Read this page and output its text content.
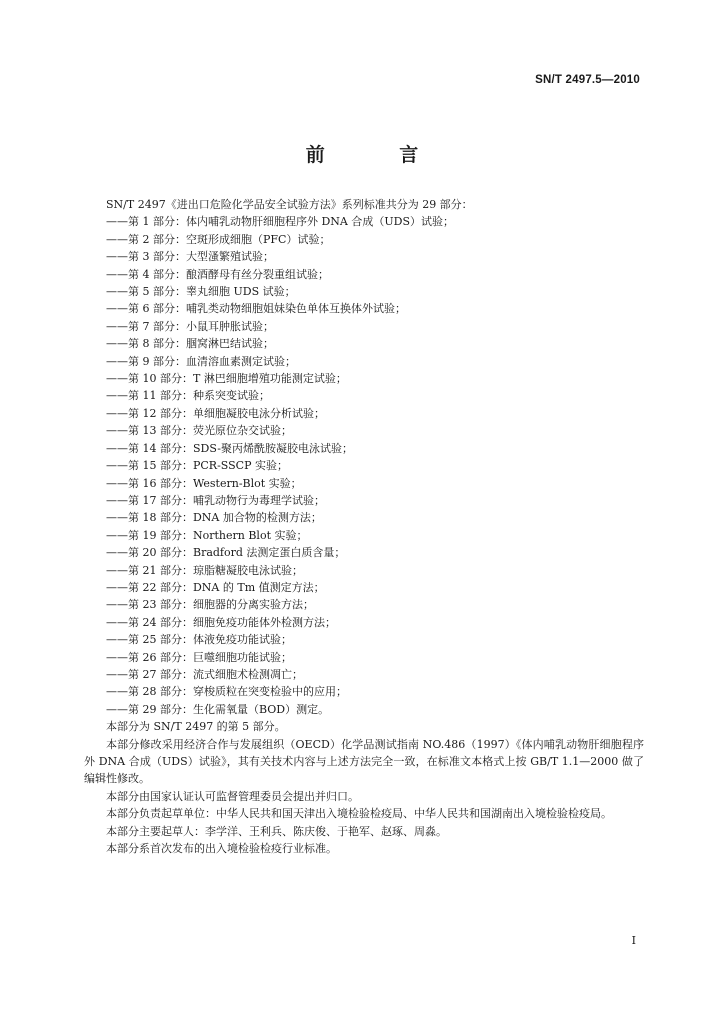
SN/T 2497.5—2010
前 言

SN/T 2497《进出口危险化学品安全试验方法》系列标准共分为 29 部分：

——第 1 部分：体内哺乳动物肝细胞程序外 DNA 合成（UDS）试验；
——第 2 部分：空斑形成细胞（PFC）试验；
——第 3 部分：大型溞繁殖试验；
——第 4 部分：酿酒酵母有丝分裂重组试验；
——第 5 部分：睾丸细胞 UDS 试验；
——第 6 部分：哺乳类动物细胞姐妹染色单体互换体外试验；
——第 7 部分：小鼠耳肿胀试验；
——第 8 部分：腘窝淋巴结试验；
——第 9 部分：血清溶血素测定试验；
——第 10 部分：T 淋巴细胞增殖功能测定试验；
——第 11 部分：种系突变试验；
——第 12 部分：单细胞凝胶电泳分析试验；
——第 13 部分：荧光原位杂交试验；
——第 14 部分：SDS-聚丙烯酰胺凝胶电泳试验；
——第 15 部分：PCR-SSCP 实验；
——第 16 部分：Western-Blot 实验；
——第 17 部分：哺乳动物行为毒理学试验；
——第 18 部分：DNA 加合物的检测方法；
——第 19 部分：Northern Blot 实验；
——第 20 部分：Bradford 法测定蛋白质含量；
——第 21 部分：琼脂糖凝胶电泳试验；
——第 22 部分：DNA 的 Tm 值测定方法；
——第 23 部分：细胞器的分离实验方法；
——第 24 部分：细胞免疫功能体外检测方法；
——第 25 部分：体液免疫功能试验；
——第 26 部分：巨噬细胞功能试验；
——第 27 部分：流式细胞术检测凋亡；
——第 28 部分：穿梭质粒在突变检验中的应用；
——第 29 部分：生化需氧量（BOD）测定。

本部分为 SN/T 2497 的第 5 部分。

本部分修改采用经济合作与发展组织（OECD）化学品测试指南 NO.486（1997）《体内哺乳动物肝细胞程序外 DNA 合成（UDS）试验》，其有关技术内容与上述方法完全一致，在标准文本格式上按 GB/T 1.1—2000 做了编辑性修改。

本部分由国家认证认可监督管理委员会提出并归口。

本部分负责起草单位：中华人民共和国天津出入境检验检疫局、中华人民共和国湖南出入境检验检疫局。

本部分主要起草人：李学洋、王利兵、陈庆俊、于艳军、赵琢、周淼。

本部分系首次发布的出入境检验检疫行业标准。

I
